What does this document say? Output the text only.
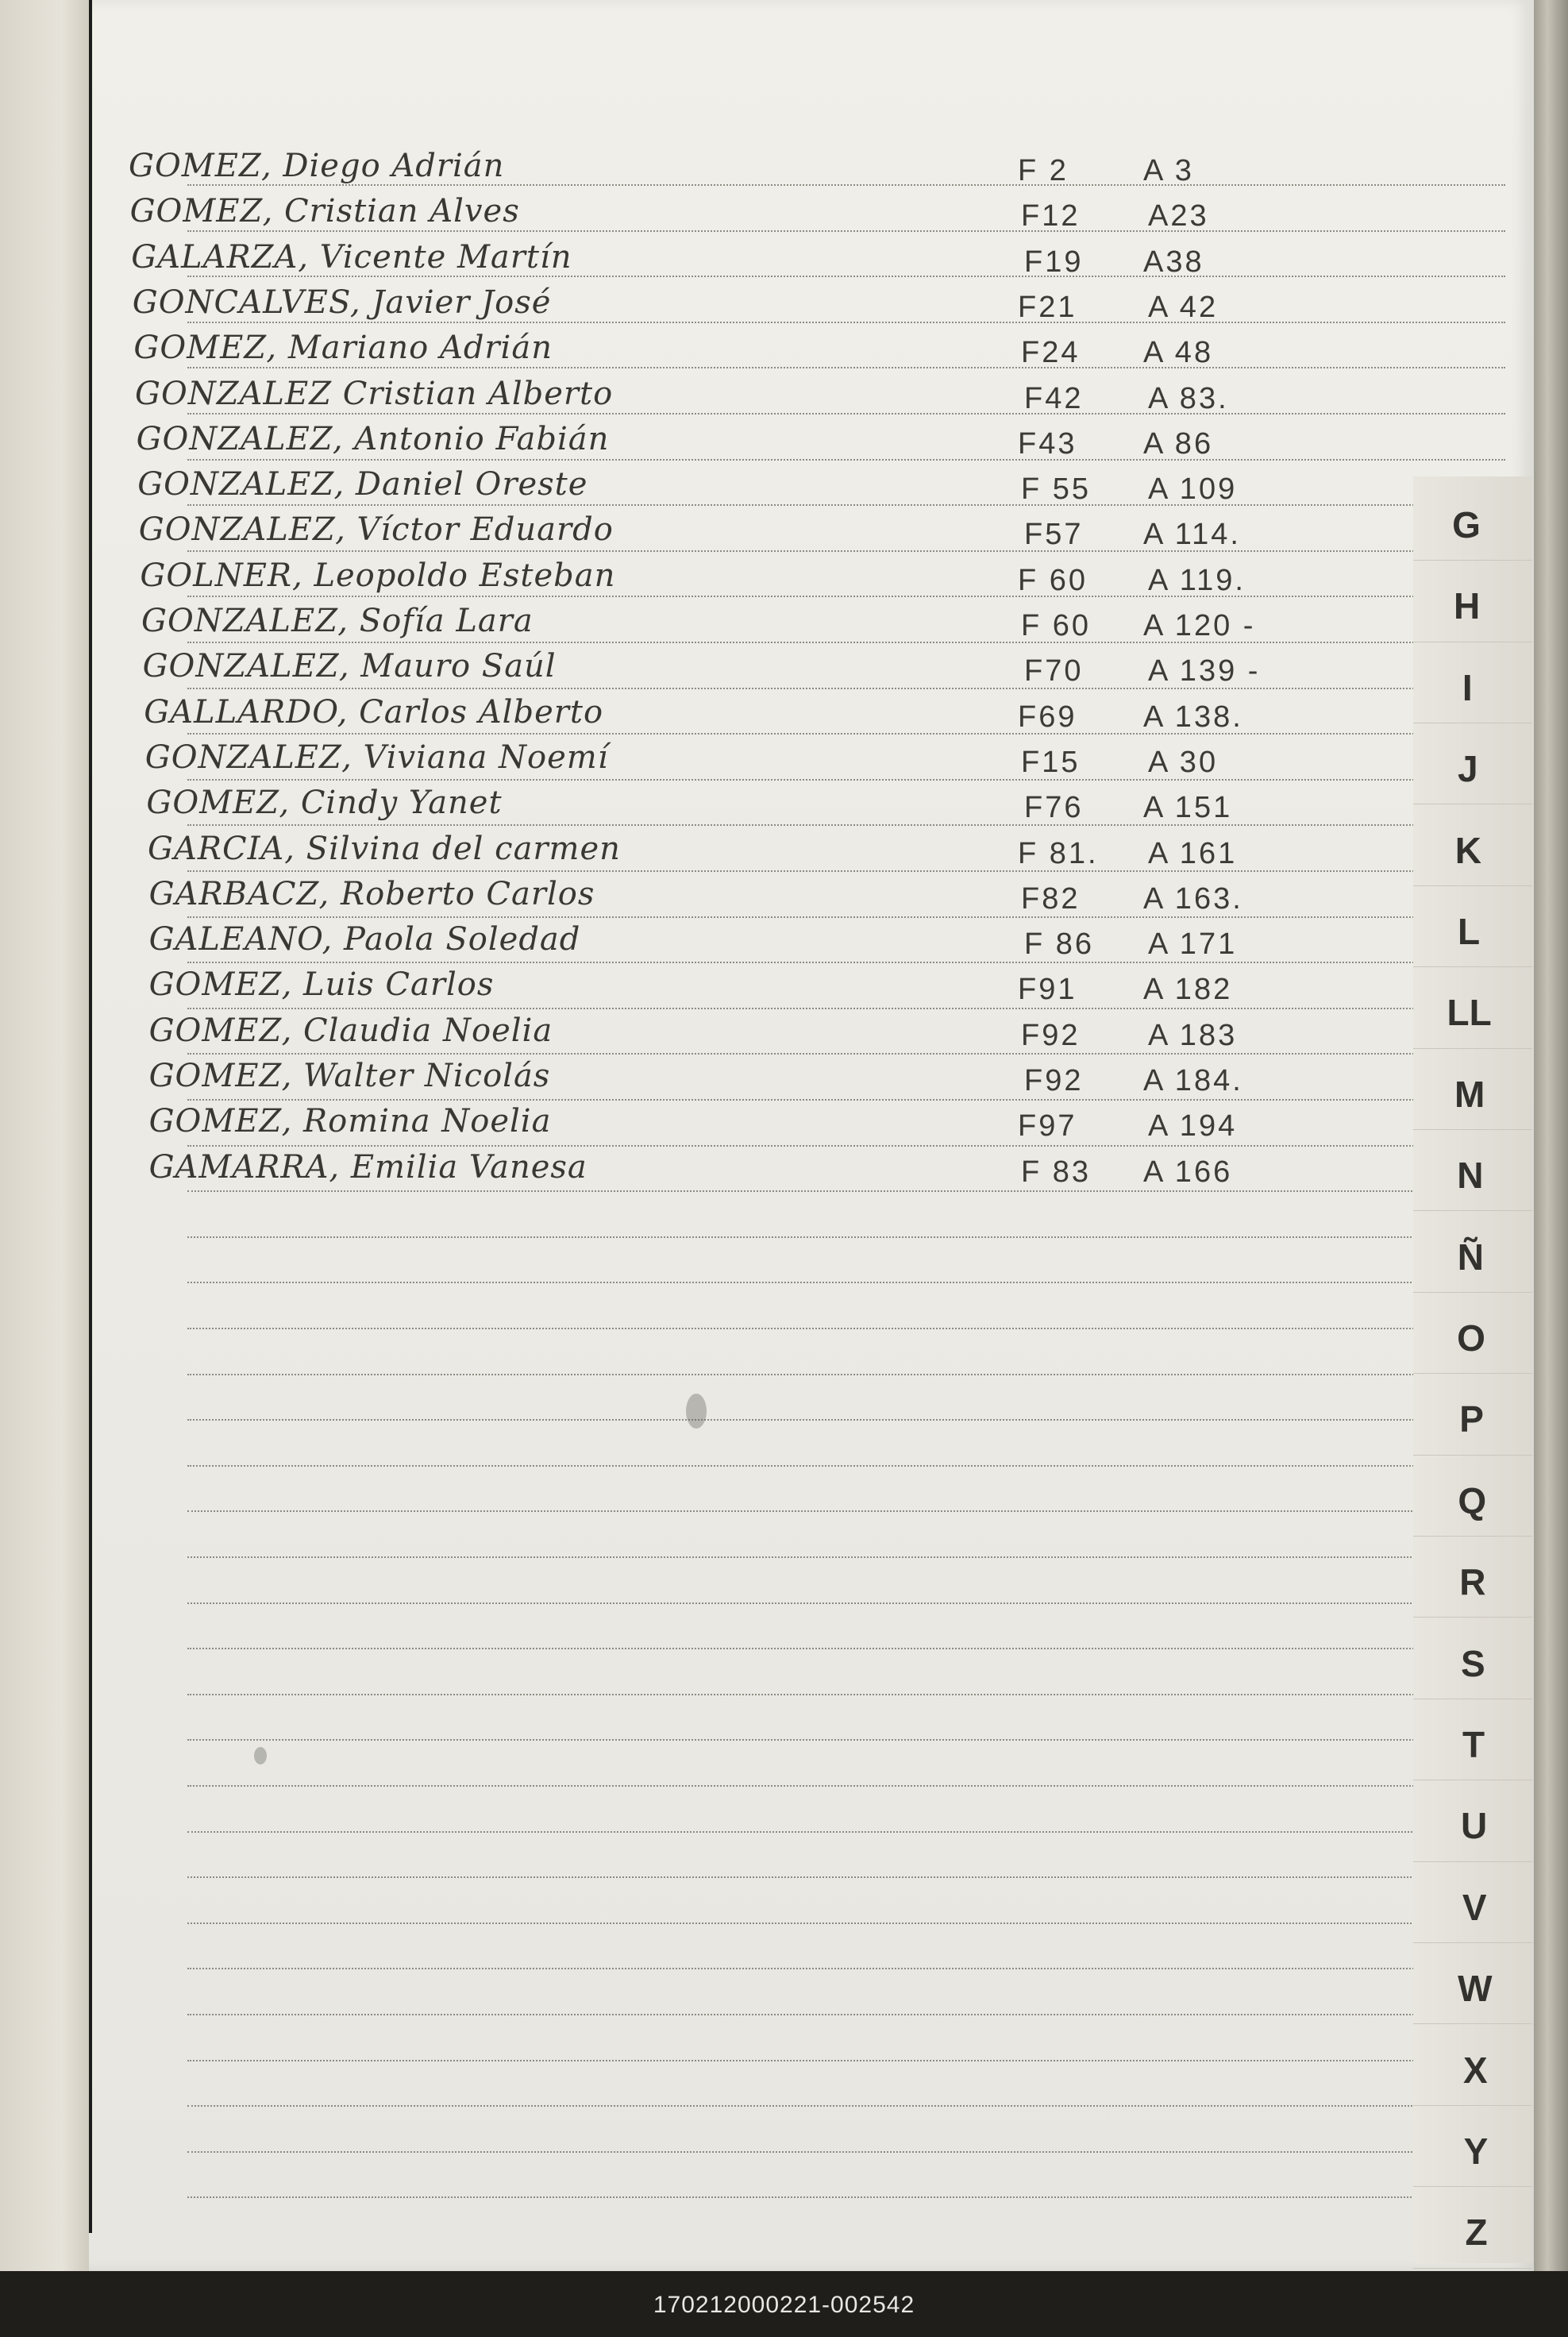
GOMEZ, Diego Adrián	F 2 A 3
GOMEZ, Cristian Alves	F12 A23
GALARZA, Vicente Martín	F19 A38
GONCALVES, Javier José	F21 A 42
GOMEZ, Mariano Adrián	F24 A 48
GONZALEZ Cristian Alberto	F42 A 83.
GONZALEZ, Antonio Fabián	F43 A 86
GONZALEZ, Daniel Oreste	F 55 A 109
GONZALEZ, Víctor Eduardo	F57 A 114.
GOLNER, Leopoldo Esteban	F 60 A 119.
GONZALEZ, Sofía Lara	F 60 A 120 -
GONZALEZ, Mauro Saúl	F70 A 139 -
GALLARDO, Carlos Alberto	F69 A 138.
GONZALEZ, Viviana Noemí	F15 A 30
GOMEZ, Cindy Yanet	F76 A 151
GARCIA, Silvina del carmen	F 81. A 161
GARBACZ, Roberto Carlos	F82 A 163.
GALEANO, Paola Soledad	F 86 A 171
GOMEZ, Luis Carlos	F91 A 182
GOMEZ, Claudia Noelia	F92 A 183
GOMEZ, Walter Nicolás	F92 A 184.
GOMEZ, Romina Noelia	F97 A 194
GAMARRA, Emilia Vanesa	F 83 A 166
G
H
I
J
K
L
LL
M
N
Ñ
O
P
Q
R
S
T
U
V
W
X
Y
Z
170212000221-002542
